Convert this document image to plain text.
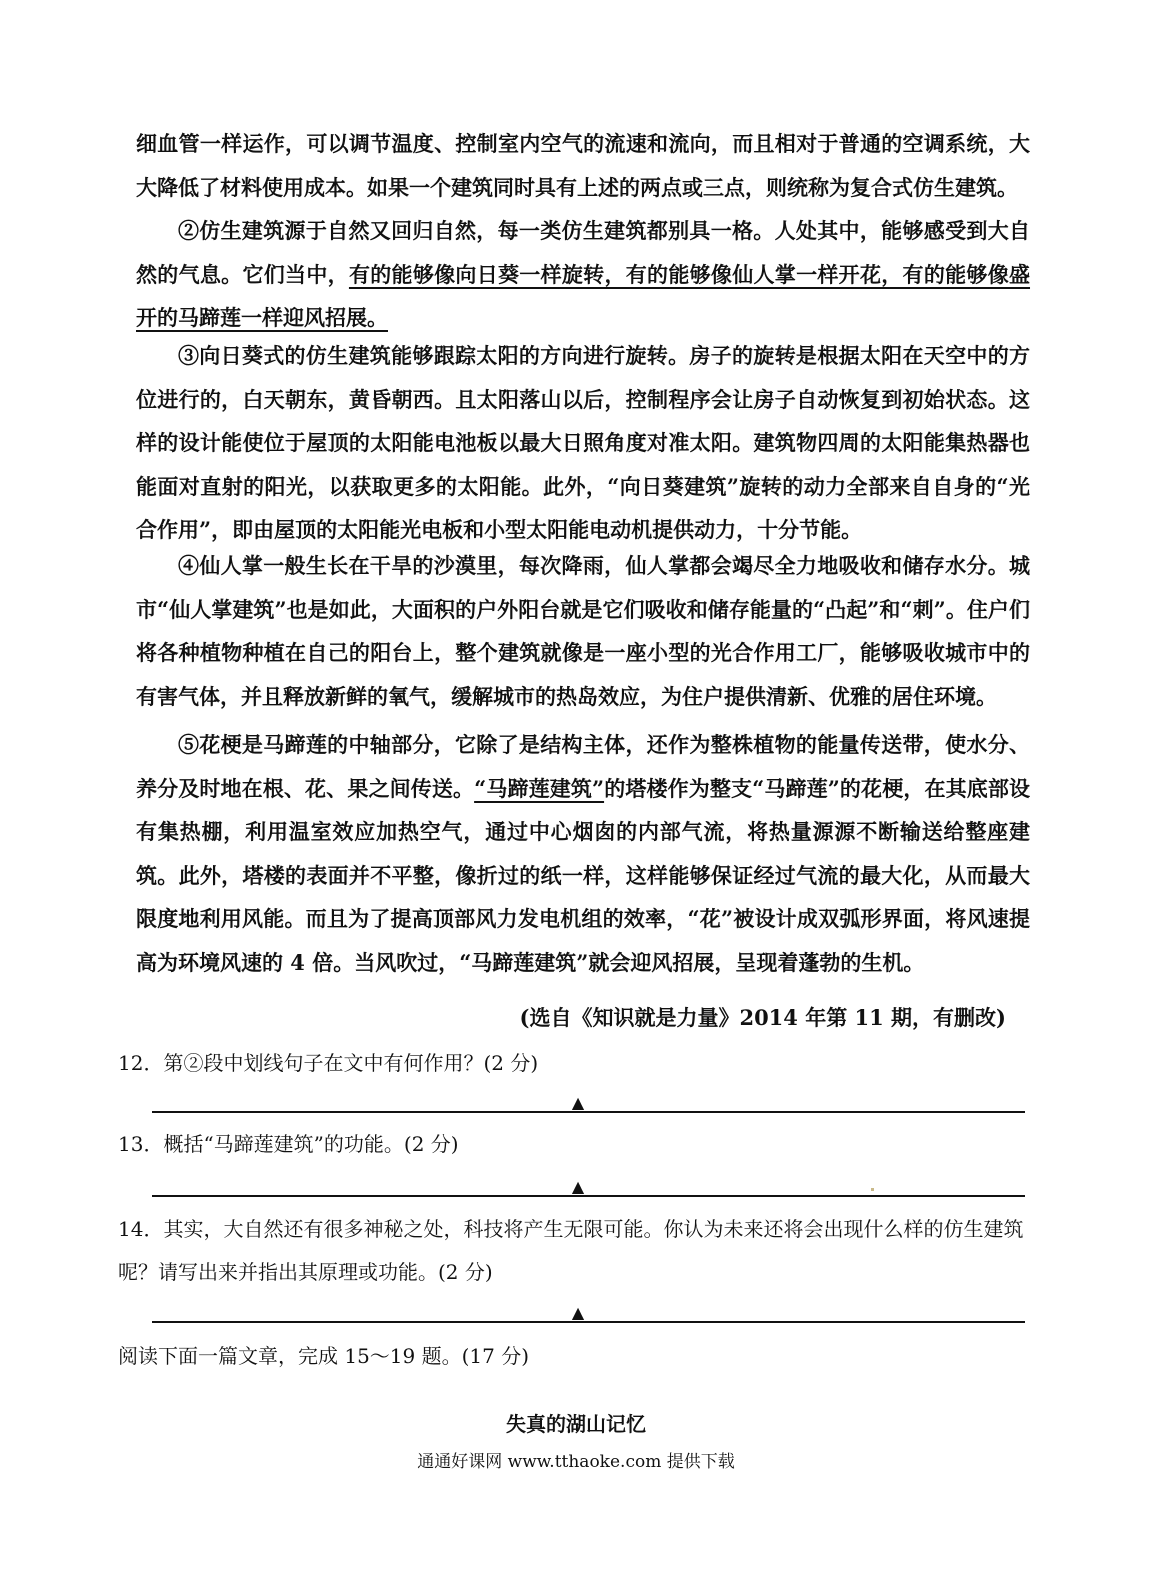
细血管一样运作，可以调节温度、控制室内空气的流速和流向，而且相对于普通的空调系统，大大降低了材料使用成本。如果一个建筑同时具有上述的两点或三点，则统称为复合式仿生建筑。

②仿生建筑源于自然又回归自然，每一类仿生建筑都别具一格。人处其中，能够感受到大自然的气息。它们当中，有的能够像向日葵一样旋转，有的能够像仙人掌一样开花，有的能够像盛开的马蹄莲一样迎风招展。

③向日葵式的仿生建筑能够跟踪太阳的方向进行旋转。房子的旋转是根据太阳在天空中的方位进行的，白天朝东，黄昏朝西。且太阳落山以后，控制程序会让房子自动恢复到初始状态。这样的设计能使位于屋顶的太阳能电池板以最大日照角度对准太阳。建筑物四周的太阳能集热器也能面对直射的阳光，以获取更多的太阳能。此外，“向日葵建筑”旋转的动力全部来自自身的“光合作用”，即由屋顶的太阳能光电板和小型太阳能电动机提供动力，十分节能。

④仙人掌一般生长在干旱的沙漠里，每次降雨，仙人掌都会竭尽全力地吸收和储存水分。城市“仙人掌建筑”也是如此，大面积的户外阳台就是它们吸收和储存能量的“凸起”和“刺”。住户们将各种植物种植在自己的阳台上，整个建筑就像是一座小型的光合作用工厂，能够吸收城市中的有害气体，并且释放新鲜的氧气，缓解城市的热岛效应，为住户提供清新、优雅的居住环境。

⑤花梗是马蹄莲的中轴部分，它除了是结构主体，还作为整株植物的能量传送带，使水分、养分及时地在根、花、果之间传送。“马蹄莲建筑”的塔楼作为整支“马蹄莲”的花梗，在其底部设有集热棚，利用温室效应加热空气，通过中心烟囱的内部气流，将热量源源不断输送给整座建筑。此外，塔楼的表面并不平整，像折过的纸一样，这样能够保证经过气流的最大化，从而最大限度地利用风能。而且为了提高顶部风力发电机组的效率，“花”被设计成双弧形界面，将风速提高为环境风速的 4 倍。当风吹过，“马蹄莲建筑”就会迎风招展，呈现着蓬勃的生机。

(选自《知识就是力量》2014 年第 11 期，有删改)

12．第②段中划线句子在文中有何作用？(2 分)

▲

13．概括“马蹄莲建筑”的功能。(2 分)

▲

14．其实，大自然还有很多神秘之处，科技将产生无限可能。你认为未来还将会出现什么样的仿生建筑呢？请写出来并指出其原理或功能。(2 分)

▲

阅读下面一篇文章，完成 15～19 题。(17 分)

失真的湖山记忆

通通好课网 www.tthaoke.com 提供下载
